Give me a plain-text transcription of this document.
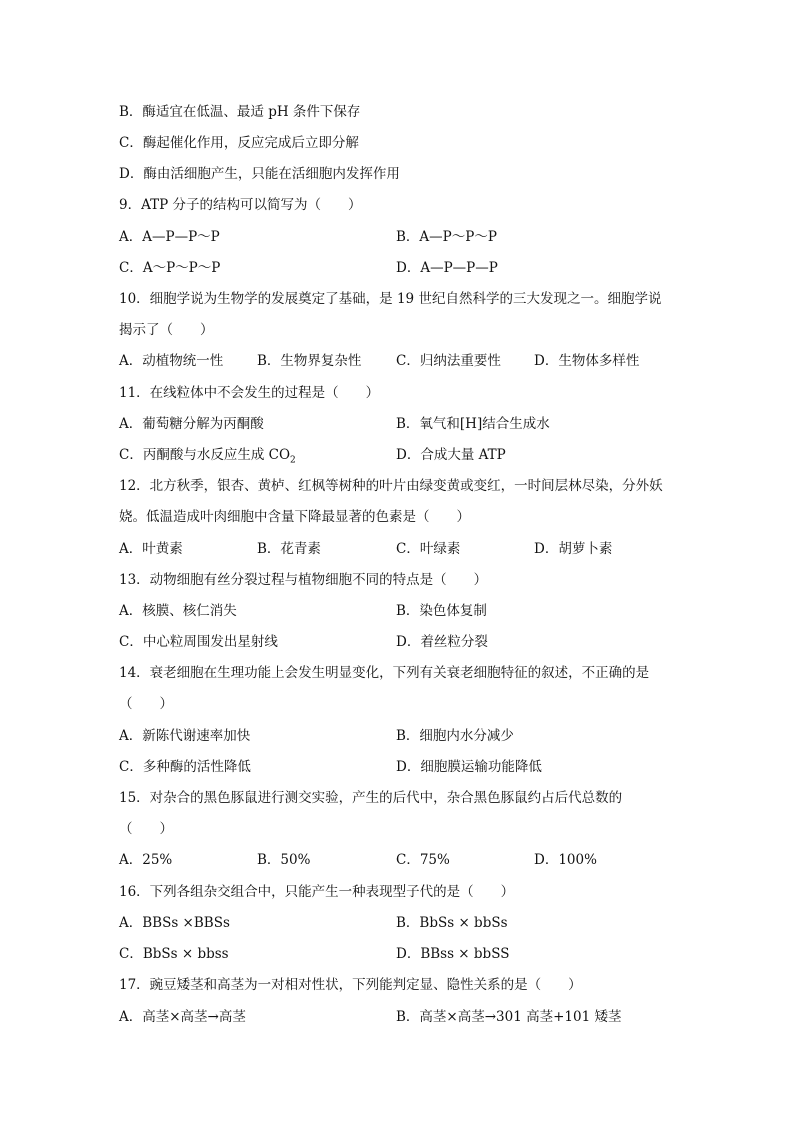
B．酶适宜在低温、最适 pH 条件下保存
C．酶起催化作用，反应完成后立即分解
D．酶由活细胞产生，只能在活细胞内发挥作用
9．ATP 分子的结构可以简写为（　　）
A．A—P—P～P	B．A—P～P～P
C．A～P～P～P	D．A—P—P—P
10．细胞学说为生物学的发展奠定了基础，是 19 世纪自然科学的三大发现之一。细胞学说
揭示了（　　）
A．动植物统一性	B．生物界复杂性	C．归纳法重要性 D．生物体多样性
11．在线粒体中不会发生的过程是（　　）
A．葡萄糖分解为丙酮酸	B．氧气和[H]结合生成水
C．丙酮酸与水反应生成 $CO_2$	D．合成大量 ATP
12．北方秋季，银杏、黄栌、红枫等树种的叶片由绿变黄或变红，一时间层林尽染，分外妖
娆。低温造成叶肉细胞中含量下降最显著的色素是（　　）
A．叶黄素	B．花青素	C．叶绿素	D．胡萝卜素
13．动物细胞有丝分裂过程与植物细胞不同的特点是（　　）
A．核膜、核仁消失	B．染色体复制
C．中心粒周围发出星射线	D．着丝粒分裂
14．衰老细胞在生理功能上会发生明显变化，下列有关衰老细胞特征的叙述，不正确的是
（　　）
A．新陈代谢速率加快	B．细胞内水分减少
C．多种酶的活性降低	D．细胞膜运输功能降低
15．对杂合的黑色豚鼠进行测交实验，产生的后代中，杂合黑色豚鼠约占后代总数的
（　　）
A．25%	B．50%	C．75%	D．100%
16．下列各组杂交组合中，只能产生一种表现型子代的是（　　）
A．BBSs ×BBSs	B．BbSs × bbSs
C．BbSs × bbss	D．BBss × bbSS
17．豌豆矮茎和高茎为一对相对性状，下列能判定显、隐性关系的是（　　）
A．高茎×高茎→高茎	B．高茎×高茎→301 高茎+101 矮茎
